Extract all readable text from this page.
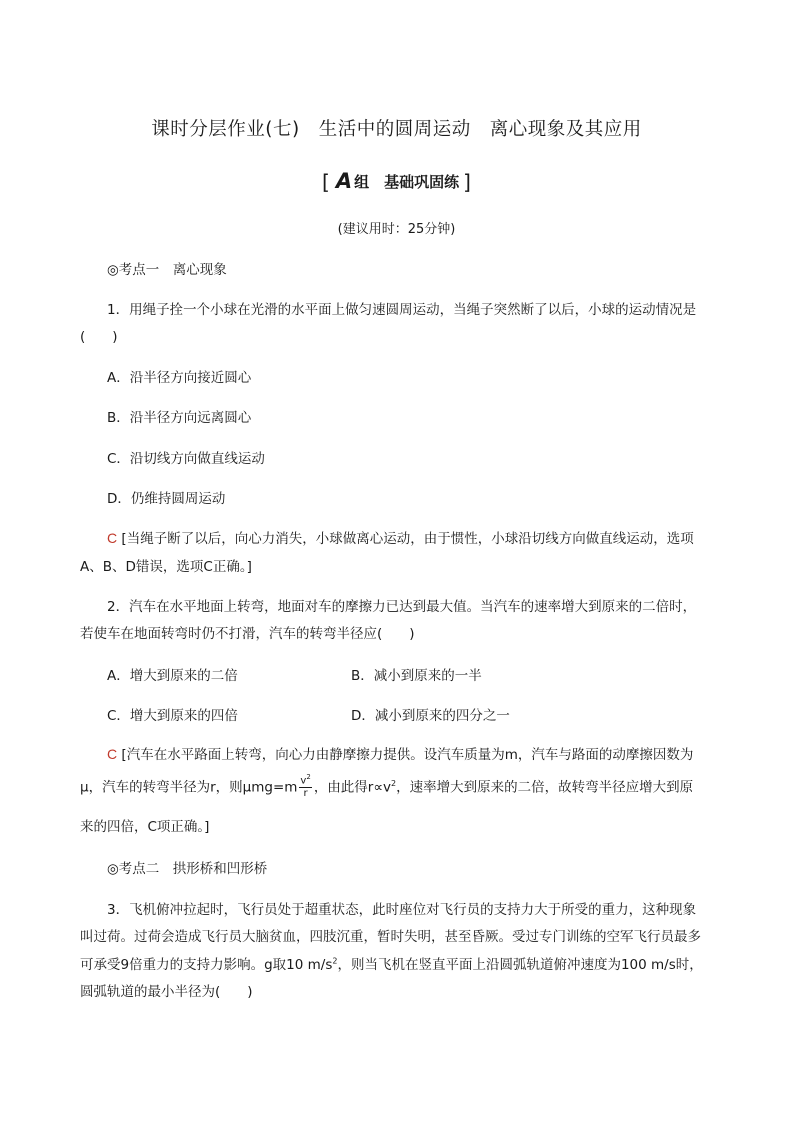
课时分层作业(七)　生活中的圆周运动　离心现象及其应用
[ A 组　基础巩固练 ]
(建议用时：25分钟)
◎考点一　离心现象
1．用绳子拴一个小球在光滑的水平面上做匀速圆周运动，当绳子突然断了以后，小球的运动情况是
(　　)
A．沿半径方向接近圆心
B．沿半径方向远离圆心
C．沿切线方向做直线运动
D．仍维持圆周运动
C [当绳子断了以后，向心力消失，小球做离心运动，由于惯性，小球沿切线方向做直线运动，选项
A、B、D错误，选项C正确。]
2．汽车在水平地面上转弯，地面对车的摩擦力已达到最大值。当汽车的速率增大到原来的二倍时，
若使车在地面转弯时仍不打滑，汽车的转弯半径应(　　)
A．增大到原来的二倍	B．减小到原来的一半
C．增大到原来的四倍	D．减小到原来的四分之一
C [汽车在水平路面上转弯，向心力由静摩擦力提供。设汽车质量为m，汽车与路面的动摩擦因数为
μ，汽车的转弯半径为r，则$\mu mg=m \frac{v^2}{r}$ ，由此得$r\propto v^2$，速率增大到原来的二倍，故转弯半径应增大到原
来的四倍，C项正确。]
◎考点二　拱形桥和凹形桥
3．飞机俯冲拉起时，飞行员处于超重状态，此时座位对飞行员的支持力大于所受的重力，这种现象
叫过荷。过荷会造成飞行员大脑贫血，四肢沉重，暂时失明，甚至昏厥。受过专门训练的空军飞行员最多
可承受9倍重力的支持力影响。g取10 $m/s^2$，则当飞机在竖直平面上沿圆弧轨道俯冲速度为100 m/s时，
圆弧轨道的最小半径为(　　)
